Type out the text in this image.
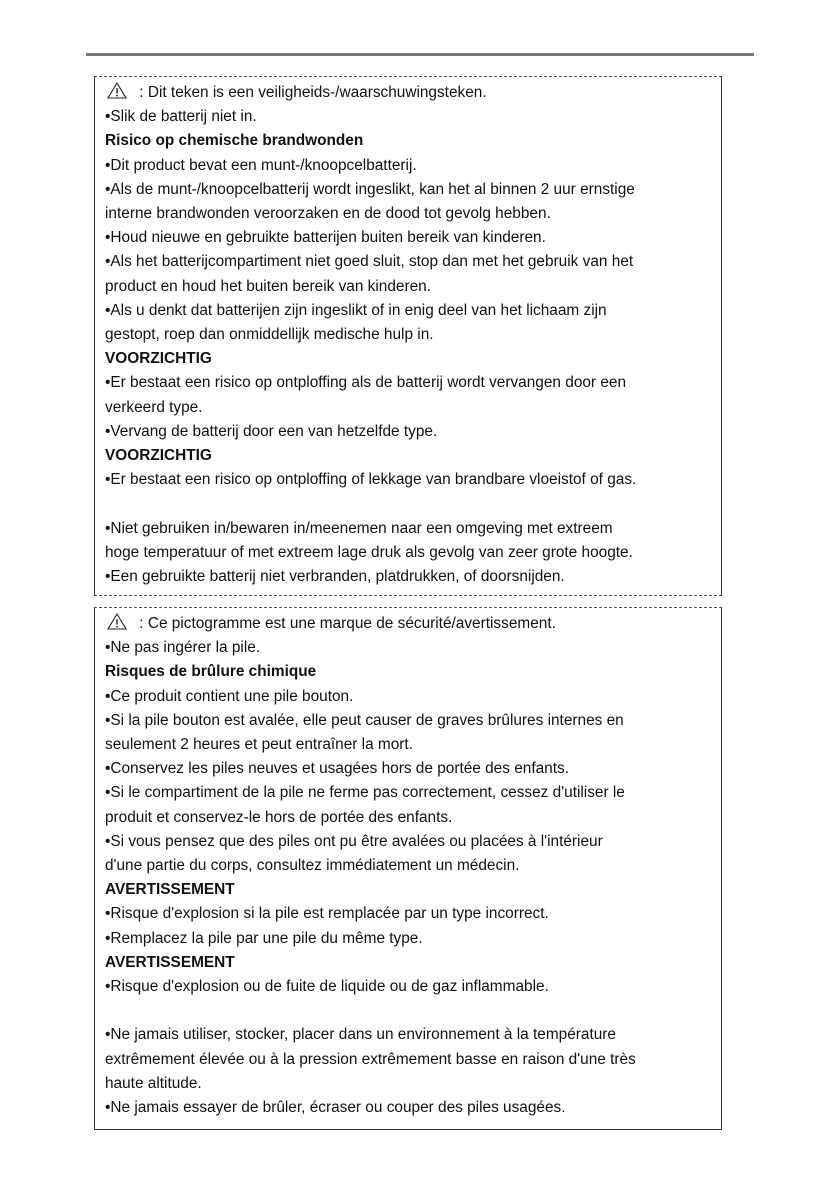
: Dit teken is een veiligheids-/waarschuwingsteken.
•Slik de batterij niet in.
Risico op chemische brandwonden
•Dit product bevat een munt-/knoopcelbatterij.
•Als de munt-/knoopcelbatterij wordt ingeslikt, kan het al binnen 2 uur ernstige
interne brandwonden veroorzaken en de dood tot gevolg hebben.
•Houd nieuwe en gebruikte batterijen buiten bereik van kinderen.
•Als het batterijcompartiment niet goed sluit, stop dan met het gebruik van het
product en houd het buiten bereik van kinderen.
•Als u denkt dat batterijen zijn ingeslikt of in enig deel van het lichaam zijn
gestopt, roep dan onmiddellijk medische hulp in.
VOORZICHTIG
•Er bestaat een risico op ontploffing als de batterij wordt vervangen door een
verkeerd type.
•Vervang de batterij door een van hetzelfde type.
VOORZICHTIG
•Er bestaat een risico op ontploffing of lekkage van brandbare vloeistof of gas.
•Niet gebruiken in/bewaren in/meenemen naar een omgeving met extreem
hoge temperatuur of met extreem lage druk als gevolg van zeer grote hoogte.
•Een gebruikte batterij niet verbranden, platdrukken, of doorsnijden.
: Ce pictogramme est une marque de sécurité/avertissement.
•Ne pas ingérer la pile.
Risques de brûlure chimique
•Ce produit contient une pile bouton.
•Si la pile bouton est avalée, elle peut causer de graves brûlures internes en
seulement 2 heures et peut entraîner la mort.
•Conservez les piles neuves et usagées hors de portée des enfants.
•Si le compartiment de la pile ne ferme pas correctement, cessez d'utiliser le
produit et conservez-le hors de portée des enfants.
•Si vous pensez que des piles ont pu être avalées ou placées à l'intérieur
d'une partie du corps, consultez immédiatement un médecin.
AVERTISSEMENT
•Risque d'explosion si la pile est remplacée par un type incorrect.
•Remplacez la pile par une pile du même type.
AVERTISSEMENT
•Risque d'explosion ou de fuite de liquide ou de gaz inflammable.
•Ne jamais utiliser, stocker, placer dans un environnement à la température
extrêmement élevée ou à la pression extrêmement basse en raison d'une très
haute altitude.
•Ne jamais essayer de brûler, écraser ou couper des piles usagées.
